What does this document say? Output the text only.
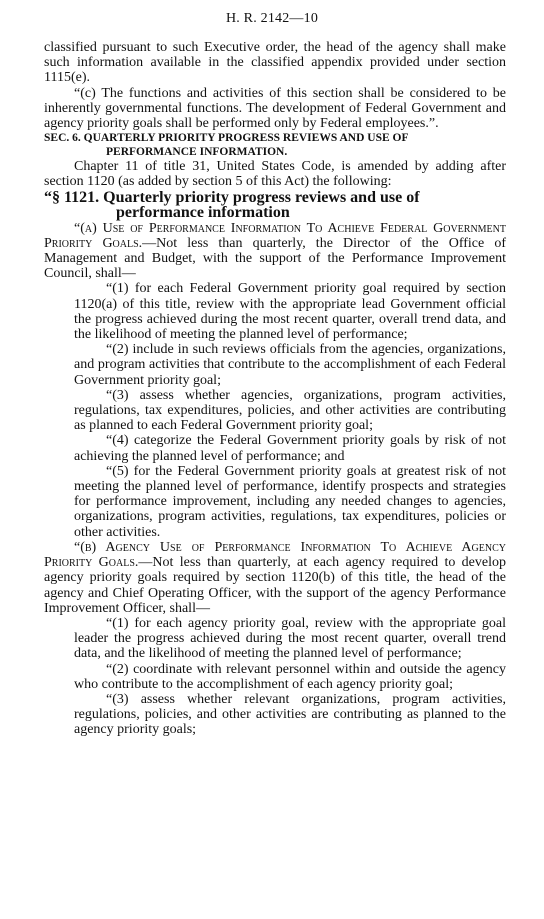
H. R. 2142—10

classified pursuant to such Executive order, the head of the agency shall make such information available in the classified appendix provided under section 1115(e).

“(c) The functions and activities of this section shall be considered to be inherently governmental functions. The development of Federal Government and agency priority goals shall be performed only by Federal employees.”.

SEC. 6. QUARTERLY PRIORITY PROGRESS REVIEWS AND USE OF
PERFORMANCE INFORMATION.

Chapter 11 of title 31, United States Code, is amended by adding after section 1120 (as added by section 5 of this Act) the following:

“§ 1121. Quarterly priority progress reviews and use of
performance information

“(a) Use of Performance Information To Achieve Federal Government Priority Goals.—Not less than quarterly, the Director of the Office of Management and Budget, with the support of the Performance Improvement Council, shall—

“(1) for each Federal Government priority goal required by section 1120(a) of this title, review with the appropriate lead Government official the progress achieved during the most recent quarter, overall trend data, and the likelihood of meeting the planned level of performance;

“(2) include in such reviews officials from the agencies, organizations, and program activities that contribute to the accomplishment of each Federal Government priority goal;

“(3) assess whether agencies, organizations, program activities, regulations, tax expenditures, policies, and other activities are contributing as planned to each Federal Government priority goal;

“(4) categorize the Federal Government priority goals by risk of not achieving the planned level of performance; and

“(5) for the Federal Government priority goals at greatest risk of not meeting the planned level of performance, identify prospects and strategies for performance improvement, including any needed changes to agencies, organizations, program activities, regulations, tax expenditures, policies or other activities.

“(b) Agency Use of Performance Information To Achieve Agency Priority Goals.—Not less than quarterly, at each agency required to develop agency priority goals required by section 1120(b) of this title, the head of the agency and Chief Operating Officer, with the support of the agency Performance Improvement Officer, shall—

“(1) for each agency priority goal, review with the appropriate goal leader the progress achieved during the most recent quarter, overall trend data, and the likelihood of meeting the planned level of performance;

“(2) coordinate with relevant personnel within and outside the agency who contribute to the accomplishment of each agency priority goal;

“(3) assess whether relevant organizations, program activities, regulations, policies, and other activities are contributing as planned to the agency priority goals;
